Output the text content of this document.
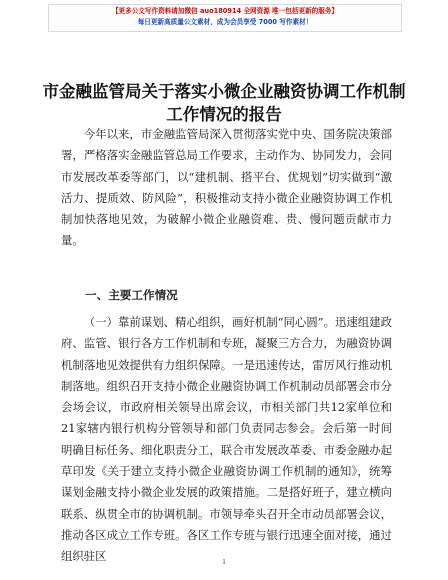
【更多公文写作资料请加微信 auo180914 全网资源 唯一包括更新的服务】
每日更新高质量公文素材，成为会员享受 7000 写作素材！
市金融监管局关于落实小微企业融资协调工作机制工作情况的报告
今年以来，市金融监管局深入贯彻落实党中央、国务院决策部署，严格落实金融监管总局工作要求，主动作为、协同发力，会同市发展改革委等部门，以“建机制、搭平台、优规划”切实做到“激活力、提质效、防风险”，积极推动支持小微企业融资协调工作机制加快落地见效，为破解小微企业融资难、贵、慢问题贡献市力量。
一、主要工作情况
（一）靠前谋划、精心组织，画好机制“同心圆”。迅速组建政府、监管、银行各方工作机制和专班，凝聚三方合力，为融资协调机制落地见效提供有力组织保障。一是迅速传达，雷厉风行推动机制落地。组织召开支持小微企业融资协调工作机制动员部署会市分会场会议，市政府相关领导出席会议，市相关部门共12家单位和21家辖内银行机构分管领导和部门负责同志参会。会后第一时间明确目标任务、细化职责分工，联合市发展改革委、市委金融办起草印发《关于建立支持小微企业融资协调工作机制的通知》，统筹谋划金融支持小微企业发展的政策措施。二是搭好班子，建立横向联系、纵贯全市的协调机制。市领导牵头召开全市动员部署会议，推动各区成立工作专班。各区工作专班与银行迅速全面对接，通过组织驻区	1
